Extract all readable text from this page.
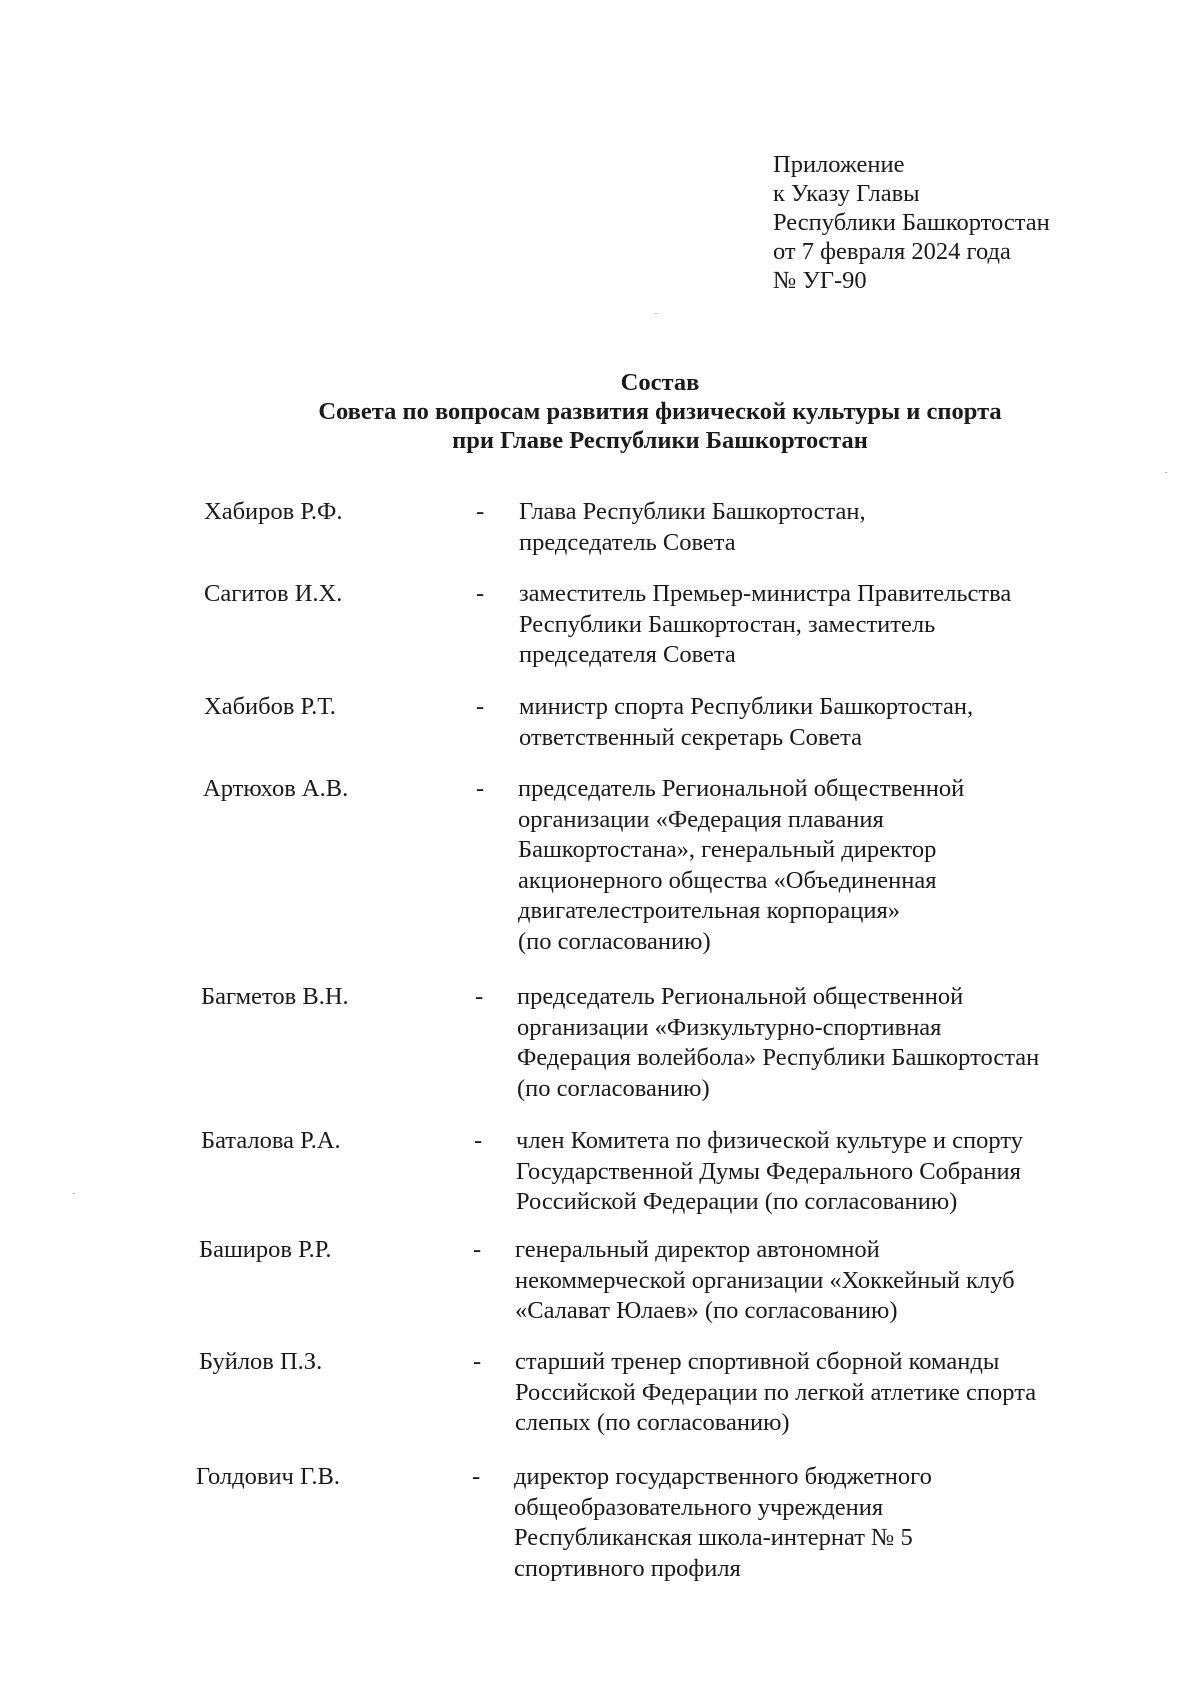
Приложение
к Указу Главы
Республики Башкортостан
от 7 февраля 2024 года
№ УГ-90
Состав
Совета по вопросам развития физической культуры и спорта
при Главе Республики Башкортостан
Хабиров Р.Ф.	- Глава Республики Башкортостан,
председатель Совета
Сагитов И.Х.	- заместитель Премьер-министра Правительства
Республики Башкортостан, заместитель
председателя Совета
Хабибов Р.Т.	- министр спорта Республики Башкортостан,
ответственный секретарь Совета
Артюхов А.В.	- председатель Региональной общественной
организации «Федерация плавания
Башкортостана», генеральный директор
акционерного общества «Объединенная
двигателестроительная корпорация»
(по согласованию)
Багметов В.Н.	- председатель Региональной общественной
организации «Физкультурно-спортивная
Федерация волейбола» Республики Башкортостан
(по согласованию)
Баталова Р.А.	- член Комитета по физической культуре и спорту
Государственной Думы Федерального Собрания
Российской Федерации (по согласованию)
Баширов Р.Р.	- генеральный директор автономной
некоммерческой организации «Хоккейный клуб
«Салават Юлаев» (по согласованию)
Буйлов П.З.	- старший тренер спортивной сборной команды
Российской Федерации по легкой атлетике спорта
слепых (по согласованию)
Голдович Г.В.	- директор государственного бюджетного
общеобразовательного учреждения
Республиканская школа-интернат № 5
спортивного профиля
